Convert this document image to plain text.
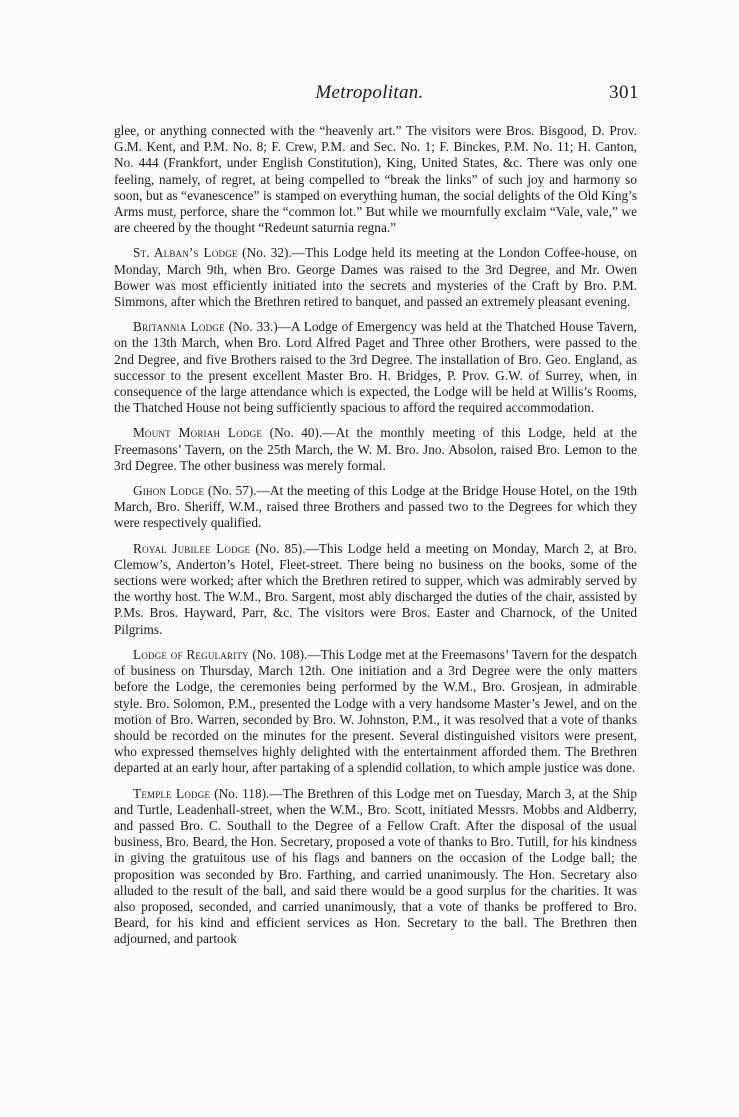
Metropolitan.	301

glee, or anything connected with the “heavenly art.” The visitors were Bros. Bisgood, D. Prov. G.M. Kent, and P.M. No. 8; F. Crew, P.M. and Sec. No. 1; F. Binckes, P.M. No. 11; H. Canton, No. 444 (Frankfort, under English Constitution), King, United States, &c. There was only one feeling, namely, of regret, at being compelled to “break the links” of such joy and harmony so soon, but as “evanescence” is stamped on everything human, the social delights of the Old King’s Arms must, perforce, share the “common lot.” But while we mournfully exclaim “Vale, vale,” we are cheered by the thought “Redeunt saturnia regna.”

St. Alban’s Lodge (No. 32).—This Lodge held its meeting at the London Coffee-house, on Monday, March 9th, when Bro. George Dames was raised to the 3rd Degree, and Mr. Owen Bower was most efficiently initiated into the secrets and mysteries of the Craft by Bro. P.M. Simmons, after which the Brethren retired to banquet, and passed an extremely pleasant evening.

Britannia Lodge (No. 33.)—A Lodge of Emergency was held at the Thatched House Tavern, on the 13th March, when Bro. Lord Alfred Paget and Three other Brothers, were passed to the 2nd Degree, and five Brothers raised to the 3rd Degree. The installation of Bro. Geo. England, as successor to the present excellent Master Bro. H. Bridges, P. Prov. G.W. of Surrey, when, in consequence of the large attendance which is expected, the Lodge will be held at Willis’s Rooms, the Thatched House not being sufficiently spacious to afford the required accommodation.

Mount Moriah Lodge (No. 40).—At the monthly meeting of this Lodge, held at the Freemasons’ Tavern, on the 25th March, the W. M. Bro. Jno. Absolon, raised Bro. Lemon to the 3rd Degree. The other business was merely formal.

Gihon Lodge (No. 57).—At the meeting of this Lodge at the Bridge House Hotel, on the 19th March, Bro. Sheriff, W.M., raised three Brothers and passed two to the Degrees for which they were respectively qualified.

Royal Jubilee Lodge (No. 85).—This Lodge held a meeting on Monday, March 2, at Bro. Clemow’s, Anderton’s Hotel, Fleet-street. There being no business on the books, some of the sections were worked; after which the Brethren retired to supper, which was admirably served by the worthy host. The W.M., Bro. Sargent, most ably discharged the duties of the chair, assisted by P.Ms. Bros. Hayward, Parr, &c. The visitors were Bros. Easter and Charnock, of the United Pilgrims.

Lodge of Regularity (No. 108).—This Lodge met at the Freemasons’ Tavern for the despatch of business on Thursday, March 12th. One initiation and a 3rd Degree were the only matters before the Lodge, the ceremonies being performed by the W.M., Bro. Grosjean, in admirable style. Bro. Solomon, P.M., presented the Lodge with a very handsome Master’s Jewel, and on the motion of Bro. Warren, seconded by Bro. W. Johnston, P.M., it was resolved that a vote of thanks should be recorded on the minutes for the present. Several distinguished visitors were present, who expressed themselves highly delighted with the entertainment afforded them. The Brethren departed at an early hour, after partaking of a splendid collation, to which ample justice was done.

Temple Lodge (No. 118).—The Brethren of this Lodge met on Tuesday, March 3, at the Ship and Turtle, Leadenhall-street, when the W.M., Bro. Scott, initiated Messrs. Mobbs and Aldberry, and passed Bro. C. Southall to the Degree of a Fellow Craft. After the disposal of the usual business, Bro. Beard, the Hon. Secretary, proposed a vote of thanks to Bro. Tutill, for his kindness in giving the gratuitous use of his flags and banners on the occasion of the Lodge ball; the proposition was seconded by Bro. Farthing, and carried unanimously. The Hon. Secretary also alluded to the result of the ball, and said there would be a good surplus for the charities. It was also proposed, seconded, and carried unanimously, that a vote of thanks be proffered to Bro. Beard, for his kind and efficient services as Hon. Secretary to the ball. The Brethren then adjourned, and partook
